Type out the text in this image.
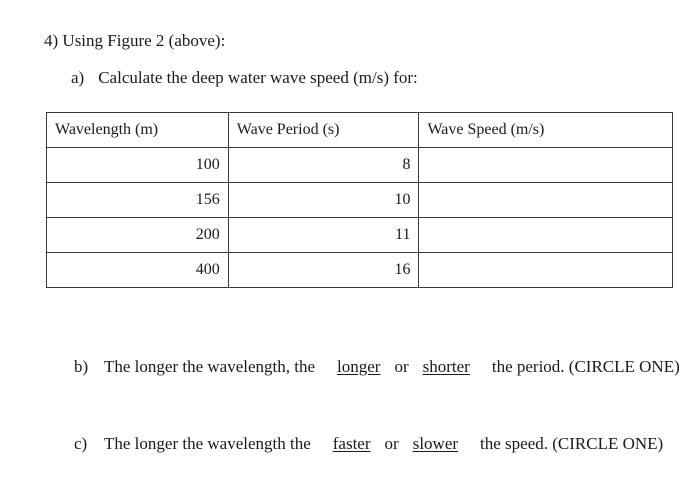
4) Using Figure 2 (above):
a) Calculate the deep water wave speed (m/s) for:
Wavelength (m)	Wave Period (s)	Wave Speed (m/s)
100	8	
156	10	
200	11	
400	16	
b) The longer the wavelength, the longer or shorter the period. (CIRCLE ONE)
c) The longer the wavelength the faster or slower the speed. (CIRCLE ONE)
